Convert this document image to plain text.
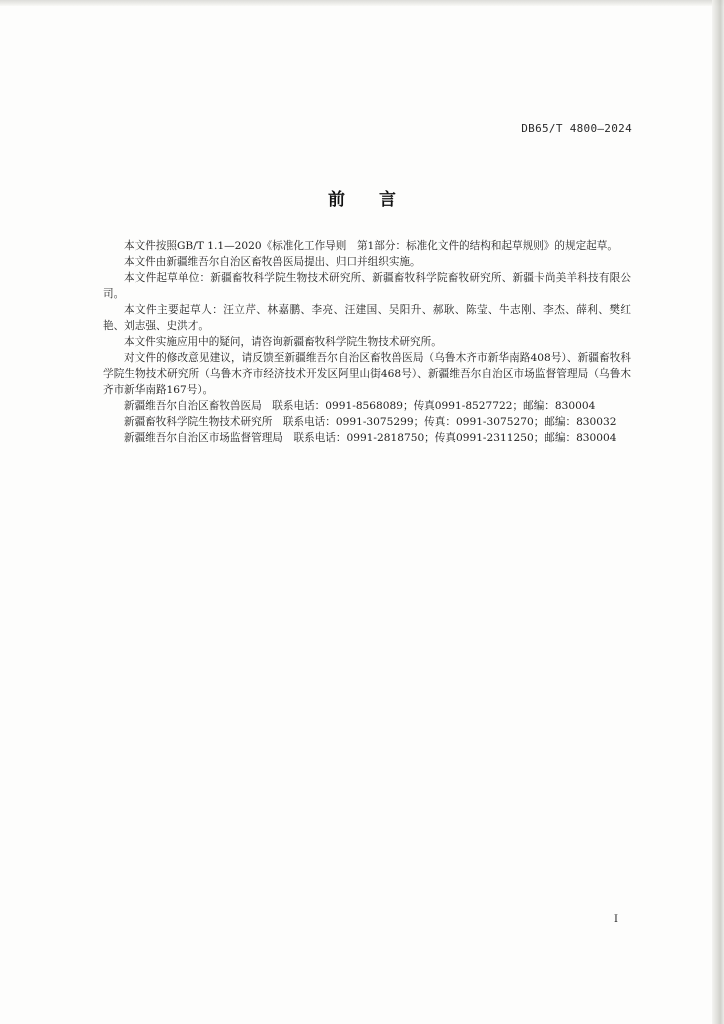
DB65/T 4800—2024
前言

本文件按照GB/T 1.1—2020《标准化工作导则　第1部分：标准化文件的结构和起草规则》的规定起草。

本文件由新疆维吾尔自治区畜牧兽医局提出、归口并组织实施。

本文件起草单位：新疆畜牧科学院生物技术研究所、新疆畜牧科学院畜牧研究所、新疆卡尚美羊科技有限公司。

本文件主要起草人：汪立芹、林嘉鹏、李亮、汪建国、吴阳升、郝耿、陈莹、牛志刚、李杰、薛利、樊红艳、刘志强、史洪才。

本文件实施应用中的疑问，请咨询新疆畜牧科学院生物技术研究所。

对文件的修改意见建议，请反馈至新疆维吾尔自治区畜牧兽医局（乌鲁木齐市新华南路408号）、新疆畜牧科学院生物技术研究所（乌鲁木齐市经济技术开发区阿里山街468号）、新疆维吾尔自治区市场监督管理局（乌鲁木齐市新华南路167号）。

新疆维吾尔自治区畜牧兽医局　联系电话：0991-8568089；传真0991-8527722；邮编：830004
新疆畜牧科学院生物技术研究所　联系电话：0991-3075299；传真：0991-3075270；邮编：830032
新疆维吾尔自治区市场监督管理局　联系电话：0991-2818750；传真0991-2311250；邮编：830004
I
